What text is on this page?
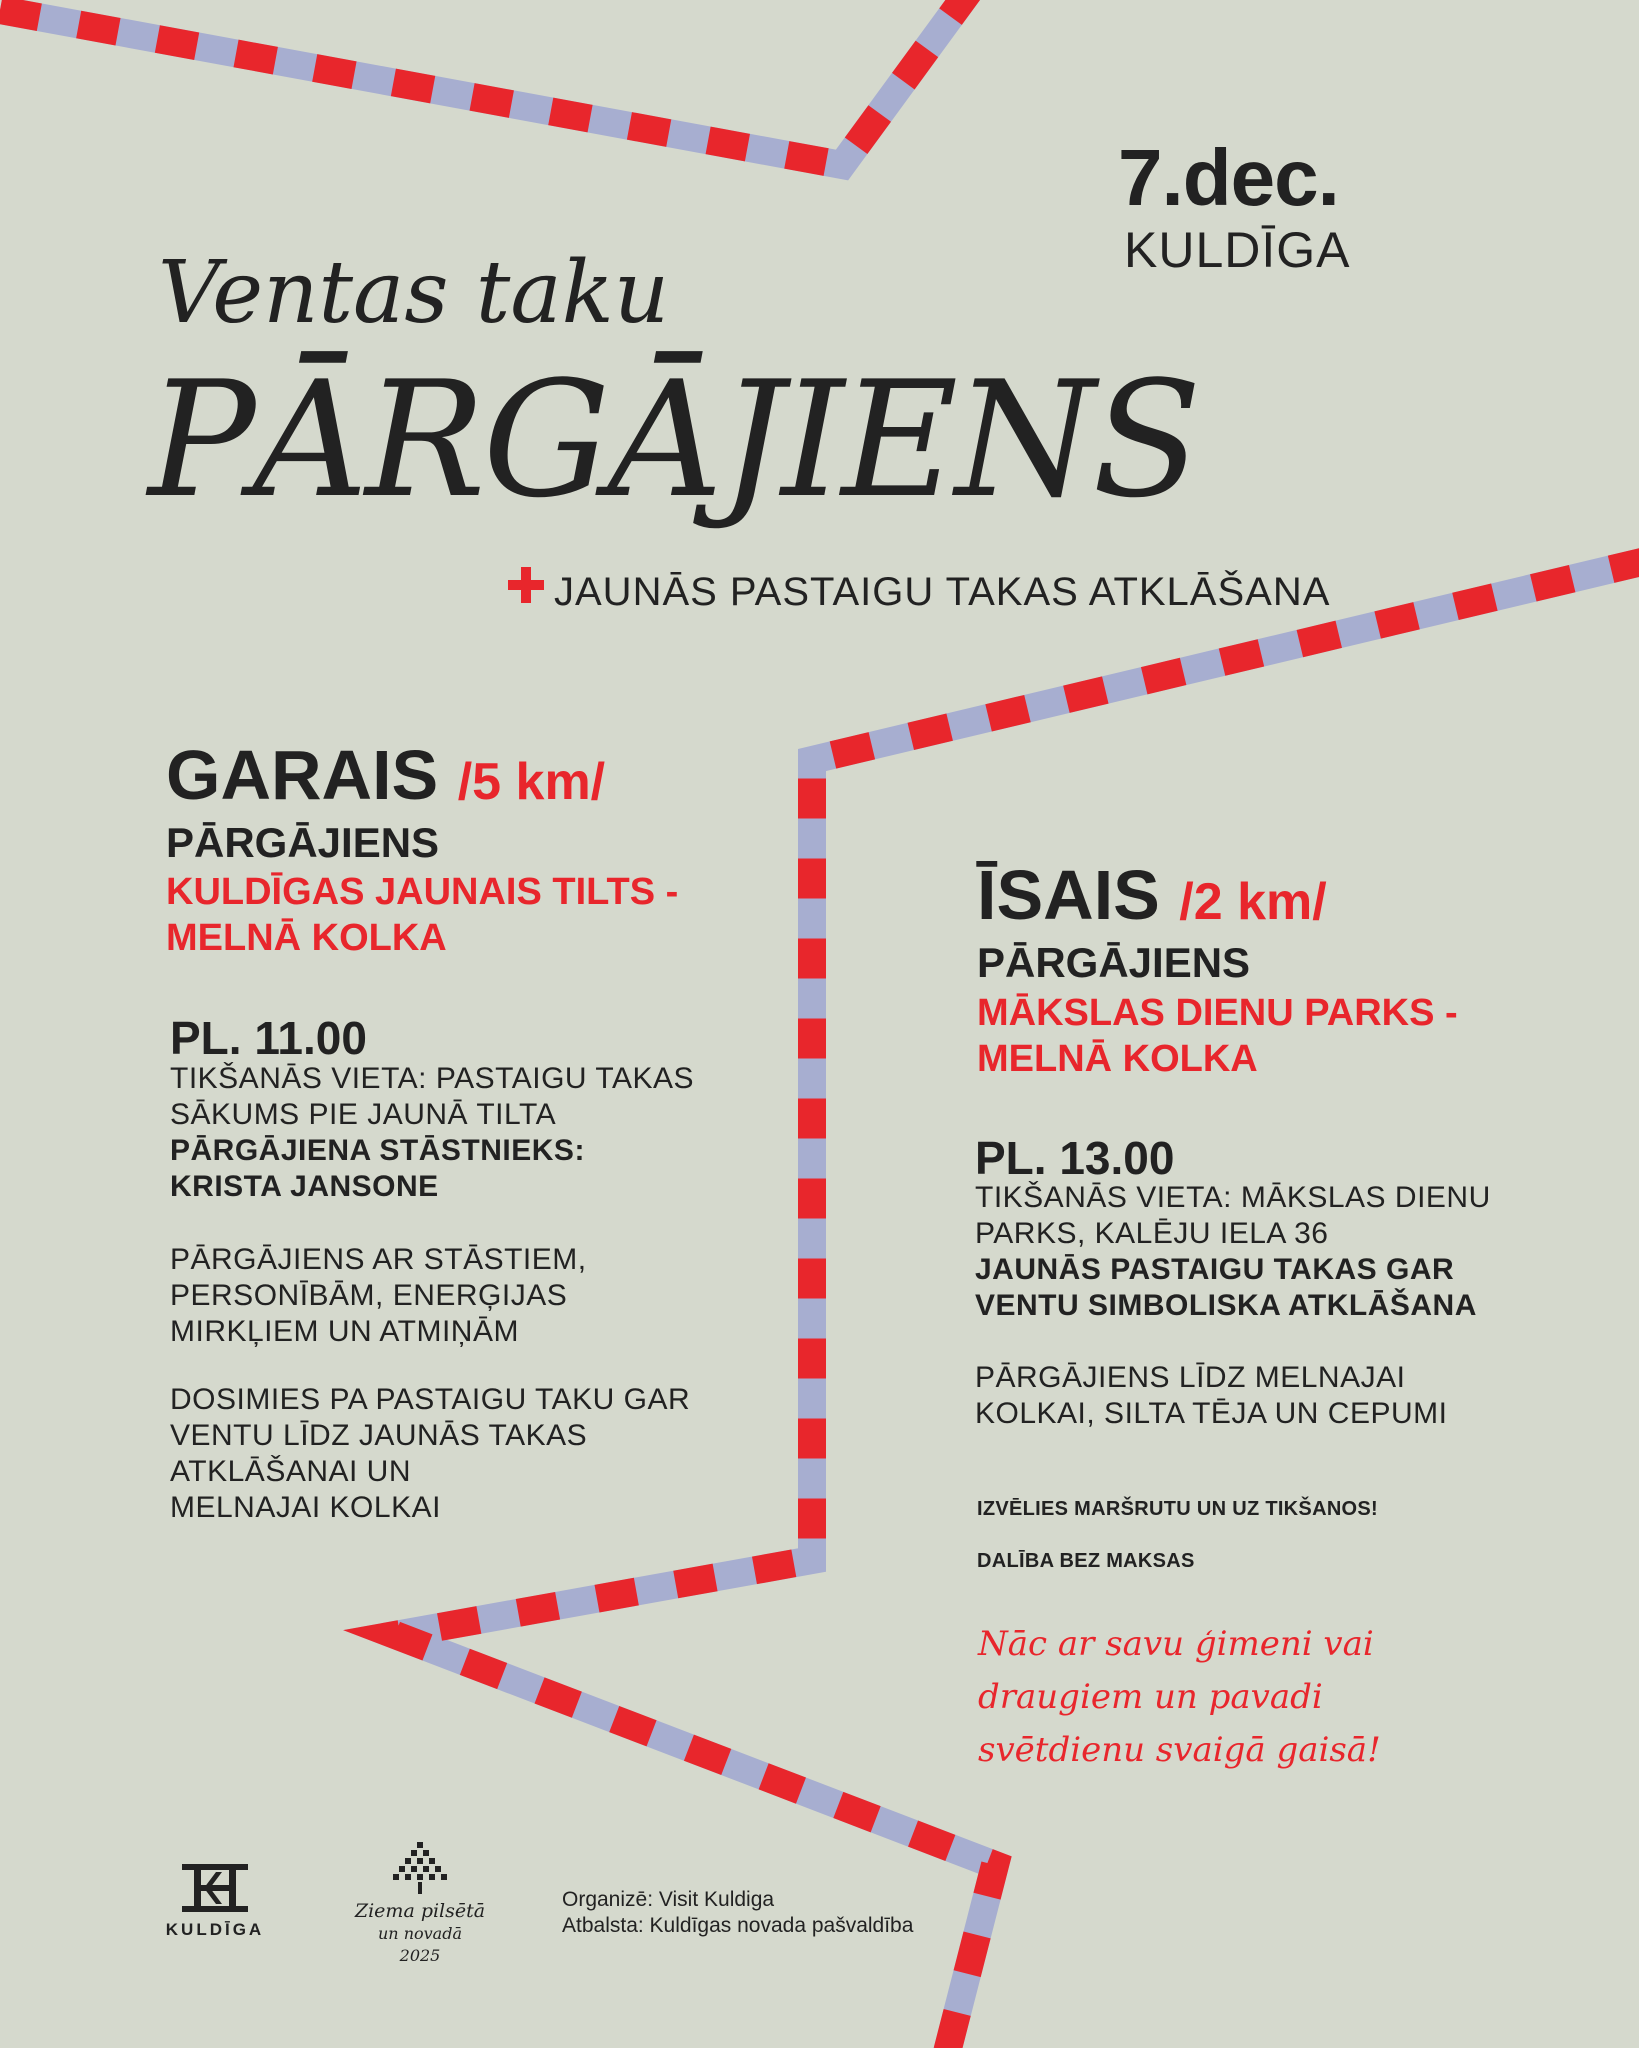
7.dec.
KULDĪGA
Ventas taku
PĀRGĀJIENS
JAUNĀS PASTAIGU TAKAS ATKLĀŠANA
GARAIS /5 km/
PĀRGĀJIENS
KULDĪGAS JAUNAIS TILTS -
MELNĀ KOLKA
PL. 11.00
TIKŠANĀS VIETA: PASTAIGU TAKAS
SĀKUMS PIE JAUNĀ TILTA
PĀRGĀJIENA STĀSTNIEKS:
KRISTA JANSONE
PĀRGĀJIENS AR STĀSTIEM,
PERSONĪBĀM, ENERĢIJAS
MIRKĻIEM UN ATMIŅĀM
DOSIMIES PA PASTAIGU TAKU GAR
VENTU LĪDZ JAUNĀS TAKAS
ATKLĀŠANAI UN
MELNAJAI KOLKAI
ĪSAIS /2 km/
PĀRGĀJIENS
MĀKSLAS DIENU PARKS -
MELNĀ KOLKA
PL. 13.00
TIKŠANĀS VIETA: MĀKSLAS DIENU
PARKS, KALĒJU IELA 36
JAUNĀS PASTAIGU TAKAS GAR
VENTU SIMBOLISKA ATKLĀŠANA
PĀRGĀJIENS LĪDZ MELNAJAI
KOLKAI, SILTA TĒJA UN CEPUMI
IZVĒLIES MARŠRUTU UN UZ TIKŠANOS!
DALĪBA BEZ MAKSAS
Nāc ar savu ģimeni vai
draugiem un pavadi
svētdienu svaigā gaisā!
KULDĪGA
Ziema pilsētā
un novadā
2025
Organizē: Visit Kuldiga
Atbalsta: Kuldīgas novada pašvaldība
